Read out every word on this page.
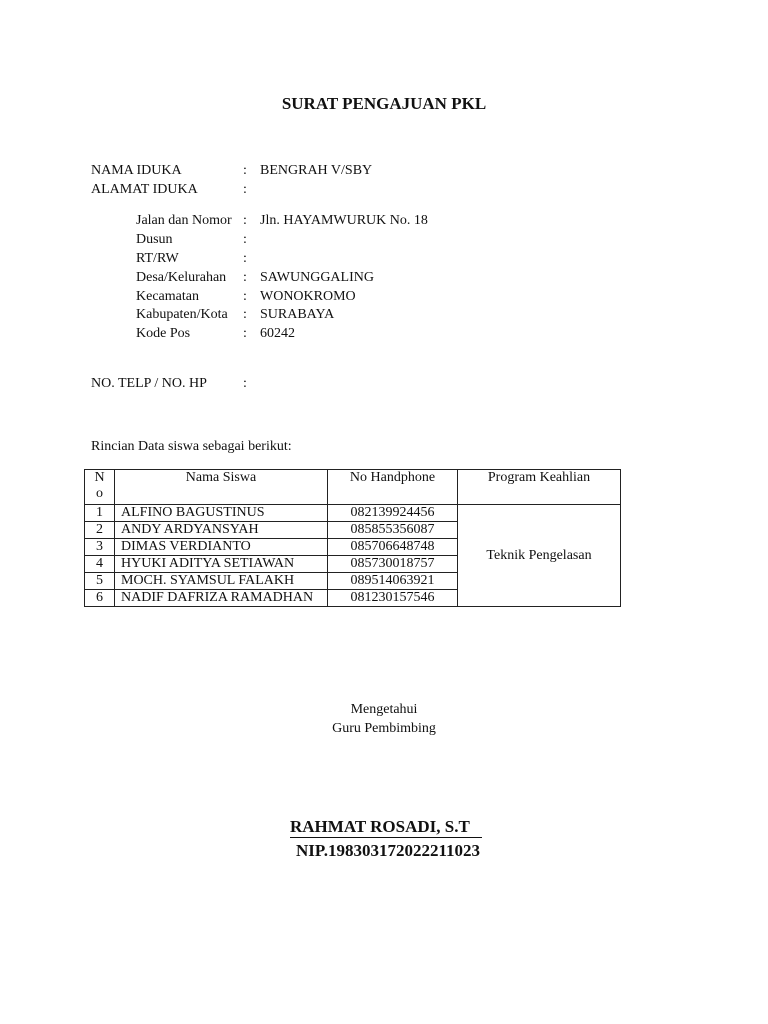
SURAT PENGAJUAN PKL
NAMA IDUKA	: BENGRAH V/SBY
ALAMAT IDUKA	:
Jalan dan Nomor : Jln. HAYAMWURUK No. 18
Dusun	:
RT/RW	:
Desa/Kelurahan : SAWUNGGALING
Kecamatan	: WONOKROMO
Kabupaten/Kota : SURABAYA
Kode Pos	: 60242
NO. TELP / NO. HP	:
Rincian Data siswa sebagai berikut:
N
o	Nama Siswa	No Handphone	Program Keahlian
1	ALFINO BAGUSTINUS	082139924456	Teknik Pengelasan
2	ANDY ARDYANSYAH	085855356087	
3	DIMAS VERDIANTO	085706648748	
4	HYUKI ADITYA SETIAWAN	085730018757	
5	MOCH. SYAMSUL FALAKH	089514063921	
6	NADIF DAFRIZA RAMADHAN	081230157546	
Mengetahui
Guru Pembimbing
RAHMAT ROSADI, S.T
NIP.198303172022211023
